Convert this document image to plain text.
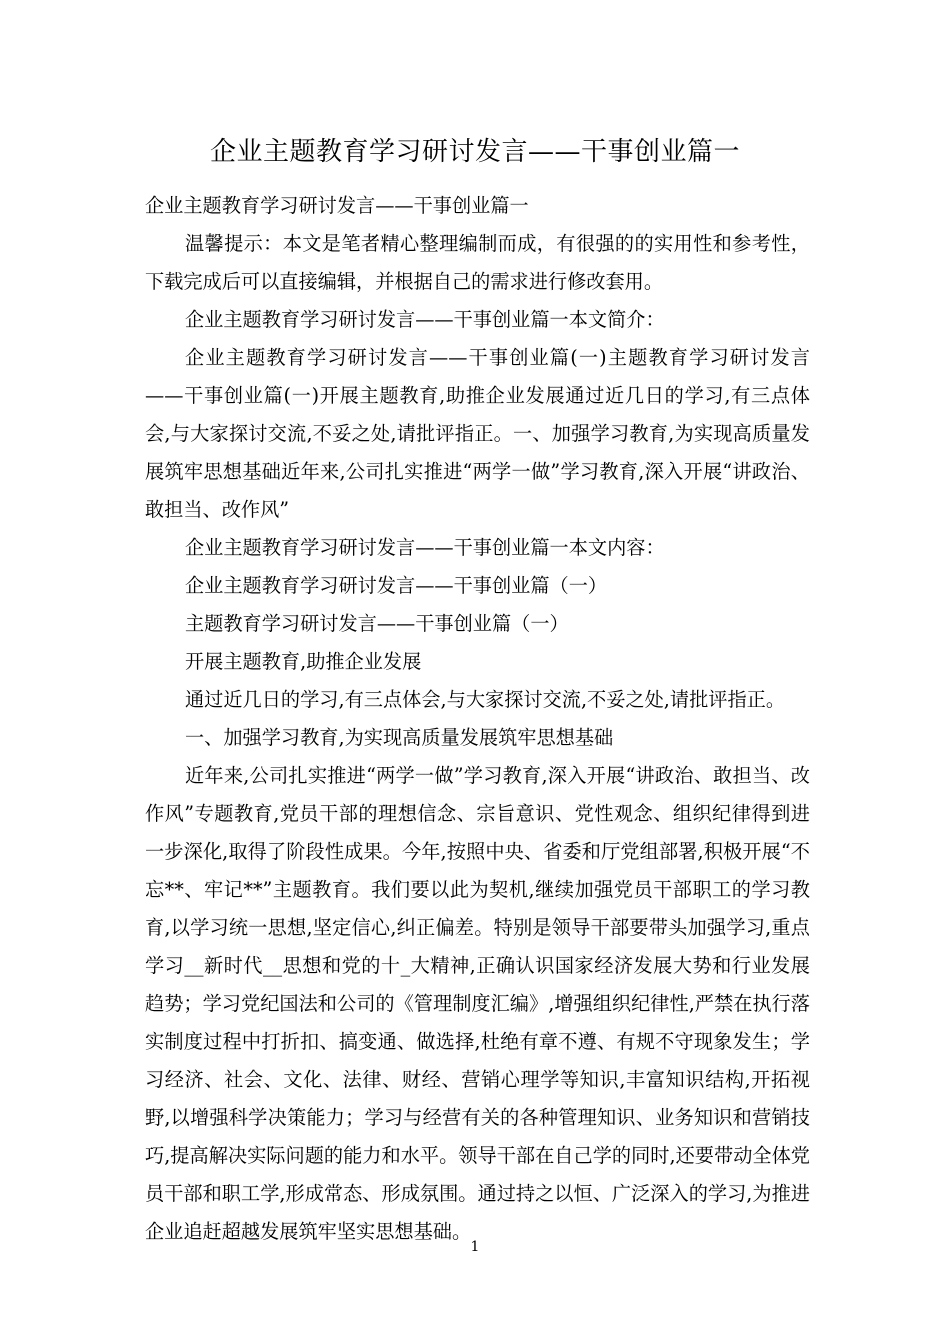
企业主题教育学习研讨发言——干事创业篇一

企业主题教育学习研讨发言——干事创业篇一

温馨提示：本文是笔者精心整理编制而成，有很强的的实用性和参考性，下载完成后可以直接编辑，并根据自己的需求进行修改套用。

企业主题教育学习研讨发言——干事创业篇一本文简介：

企业主题教育学习研讨发言——干事创业篇(一)主题教育学习研讨发言——干事创业篇(一)开展主题教育,助推企业发展通过近几日的学习,有三点体会,与大家探讨交流,不妥之处,请批评指正。一、加强学习教育,为实现高质量发展筑牢思想基础近年来,公司扎实推进“两学一做”学习教育,深入开展“讲政治、敢担当、改作风”

企业主题教育学习研讨发言——干事创业篇一本文内容：

企业主题教育学习研讨发言——干事创业篇（一）

主题教育学习研讨发言——干事创业篇（一）

开展主题教育,助推企业发展

通过近几日的学习,有三点体会,与大家探讨交流,不妥之处,请批评指正。

一、加强学习教育,为实现高质量发展筑牢思想基础

近年来,公司扎实推进“两学一做”学习教育,深入开展“讲政治、敢担当、改作风”专题教育,党员干部的理想信念、宗旨意识、党性观念、组织纪律得到进一步深化,取得了阶段性成果。今年,按照中央、省委和厅党组部署,积极开展“不忘**、牢记**”主题教育。我们要以此为契机,继续加强党员干部职工的学习教育,以学习统一思想,坚定信心,纠正偏差。特别是领导干部要带头加强学习,重点学习__新时代__思想和党的十_大精神,正确认识国家经济发展大势和行业发展趋势；学习党纪国法和公司的《管理制度汇编》,增强组织纪律性,严禁在执行落实制度过程中打折扣、搞变通、做选择,杜绝有章不遵、有规不守现象发生；学习经济、社会、文化、法律、财经、营销心理学等知识,丰富知识结构,开拓视野,以增强科学决策能力；学习与经营有关的各种管理知识、业务知识和营销技巧,提高解决实际问题的能力和水平。领导干部在自己学的同时,还要带动全体党员干部和职工学,形成常态、形成氛围。通过持之以恒、广泛深入的学习,为推进企业追赶超越发展筑牢坚实思想基础。

1
